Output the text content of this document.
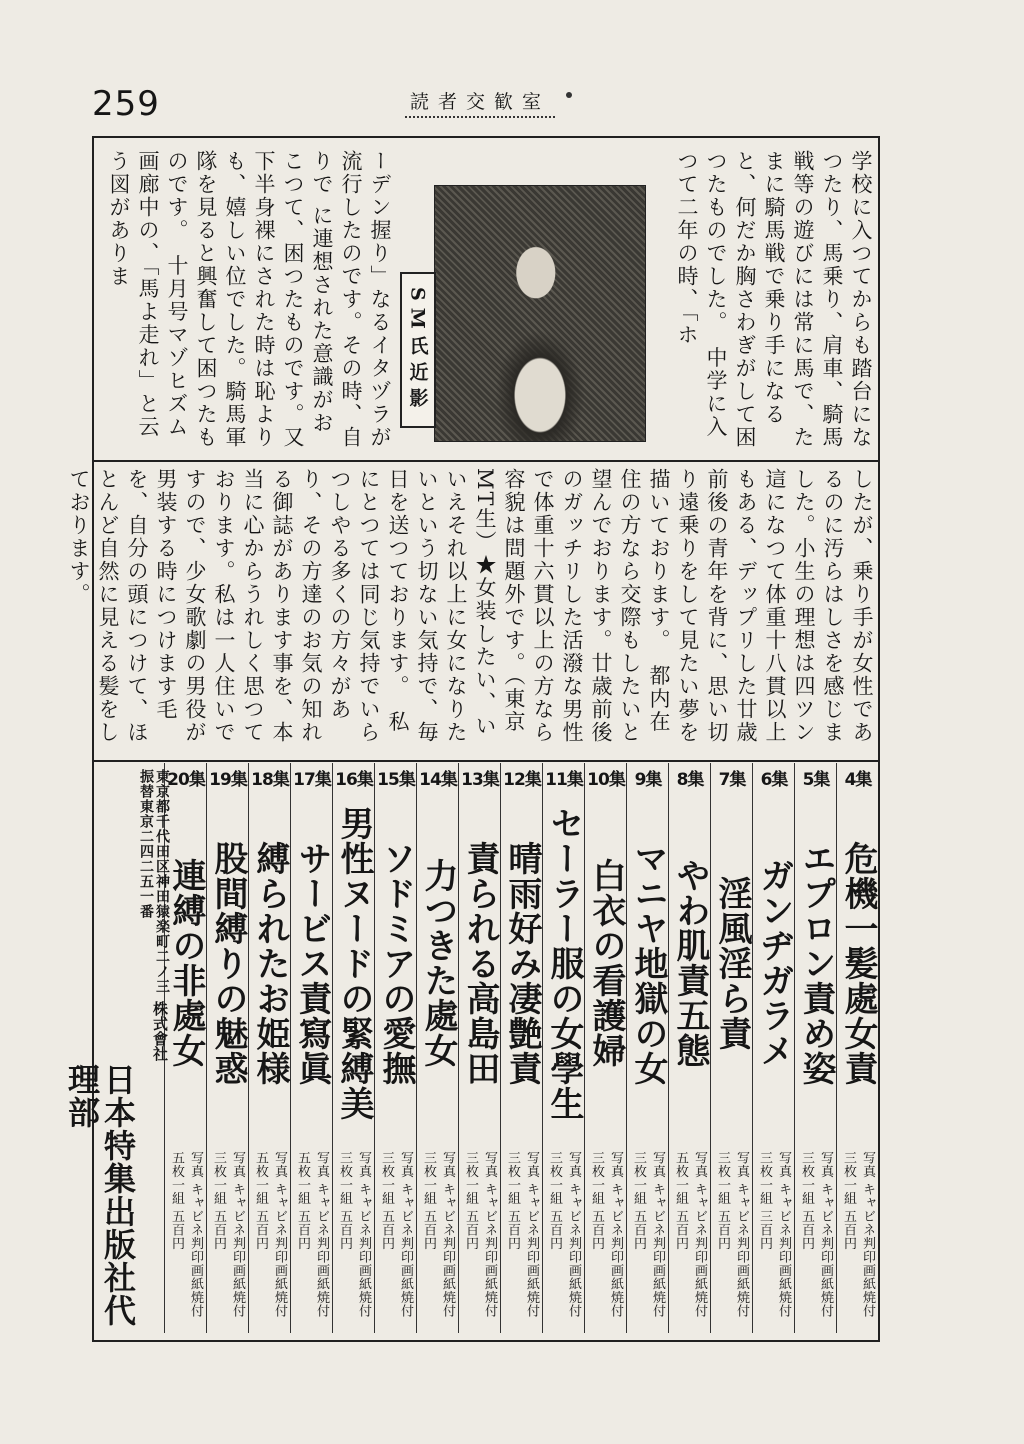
259	読者交歓室
学校に入つてからも踏台になつたり、馬乗り、肩車、騎馬戦等の遊びには常に馬で、たまに騎馬戦で乗り手になると、何だか胸さわぎがして困つたものでした。　中学に入つて二年の時、「ホ
SM氏近影
ーデン握り」なるイタヅラが流行したのです。その時、自りで に連想された意識がおこつて、困つたものです。又下半身裸にされた時は恥よりも、嬉しい位でした。騎馬軍隊を見ると興奮して困つたものです。　十月号マゾヒズム画廊中の、「馬よ走れ」と云う図がありま
したが、乗り手が女性であるのに汚らはしさを感じました。小生の理想は四ツン這になつて体重十八貫以上もある、デップリした廿歳前後の青年を背に、思い切り遠乗りをして見たい夢を描いております。　都内在住の方なら交際もしたいと望んでおります。廿歳前後のガッチリした活潑な男性で体重十六貫以上の方なら容貌は問題外です。（東京　MT生）★女装したい、いいえそれ以上に女になりたいという切ない気持で、毎日を送つております。　私にとつては同じ気持でいらつしやる多くの方々があり、その方達のお気の知れる御誌があります事を、本当に心からうれしく思つております。私は一人住いですので、少女歌劇の男役が男装する時につけます毛を、自分の頭につけて、ほとんど自然に見える髪をしております。
4集
危機一髪處女責
写真 キャビネ判印画紙焼付 三枚一組 五百円
5集
エプロン責め姿
写真 キャビネ判印画紙焼付 三枚一組 五百円
6集
ガンヂガラメ
写真 キャビネ判印画紙焼付 三枚一組 三百円
7集
淫風淫ら責
写真 キャビネ判印画紙焼付 三枚一組 五百円
8集
やわ肌責五態
写真 キャビネ判印画紙焼付 五枚一組 五百円
9集
マニヤ地獄の女
写真 キャビネ判印画紙焼付 三枚一組 五百円
10集
白衣の看護婦
写真 キャビネ判印画紙焼付 三枚一組 五百円
11集
セーラー服の女學生
写真 キャビネ判印画紙焼付 三枚一組 五百円
12集
晴雨好み凄艶責
写真 キャビネ判印画紙焼付 三枚一組 五百円
13集
責られる高島田
写真 キャビネ判印画紙焼付 三枚一組 五百円
14集
力つきた處女
写真 キャビネ判印画紙焼付 三枚一組 五百円
15集
ソドミアの愛撫
写真 キャビネ判印画紙焼付 三枚一組 五百円
16集
男性ヌードの緊縛美
写真 キャビネ判印画紙焼付 三枚一組 五百円
17集
サービス責寫眞
写真 キャビネ判印画紙焼付 五枚一組 五百円
18集
縛られたお姫様
写真 キャビネ判印画紙焼付 五枚一組 五百円
19集
股間縛りの魅惑
写真 キャビネ判印画紙焼付 三枚一組 五百円
20集
連縛の非處女
写真 キャビネ判印画紙焼付 五枚一組 五百円
東京都千代田区神田猿楽町二ノ三 振替東京二四二五一番
株式會社
日本特集出版社代理部
